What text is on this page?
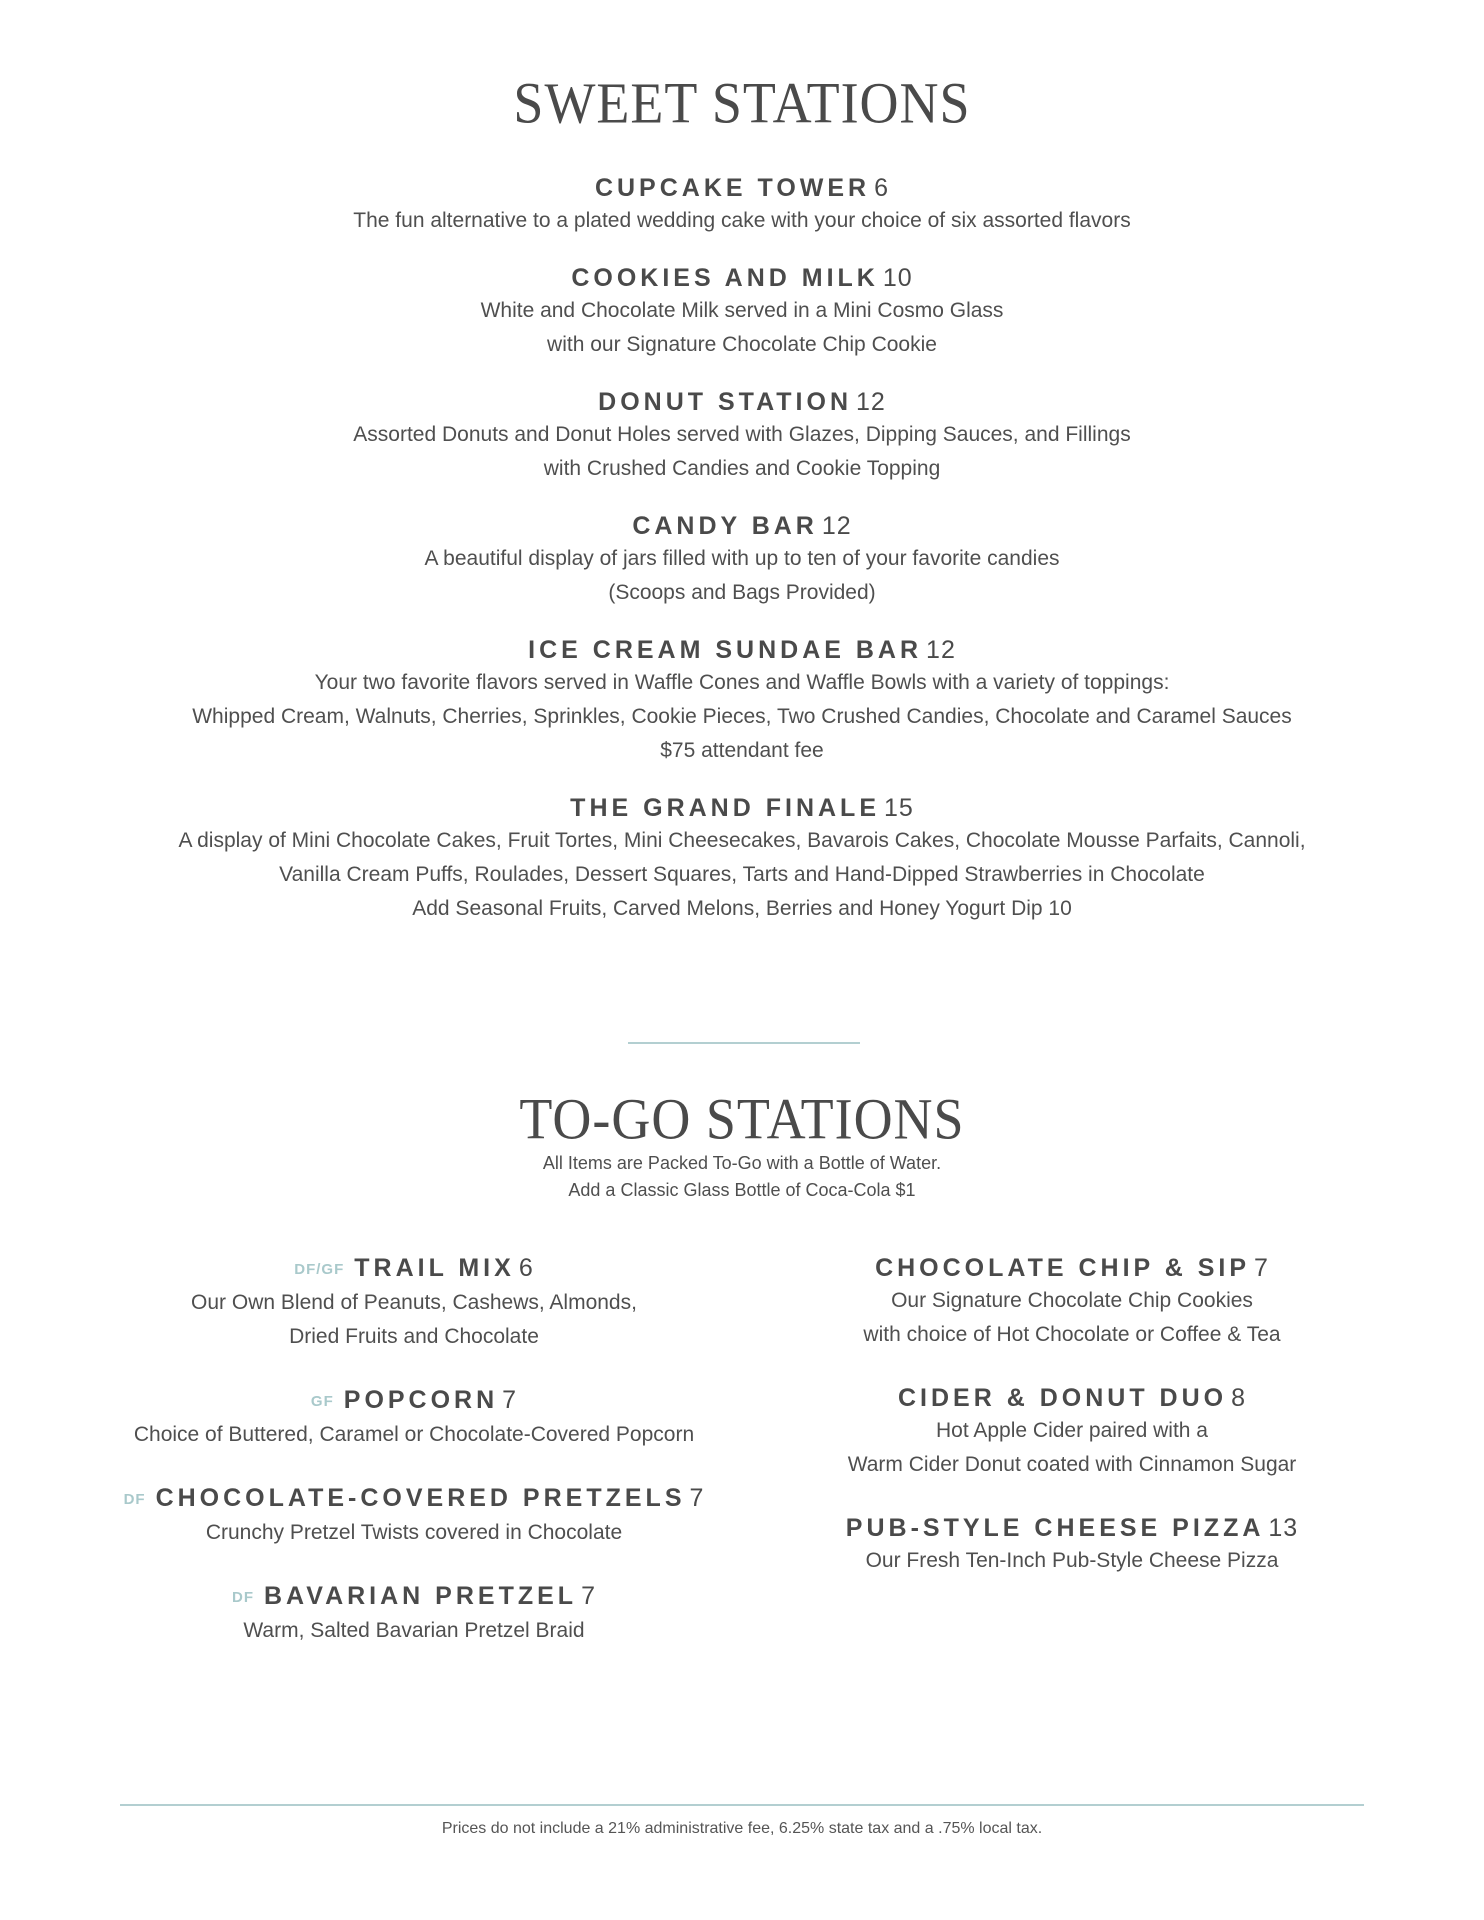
SWEET STATIONS
CUPCAKE TOWER 6
The fun alternative to a plated wedding cake with your choice of six assorted flavors
COOKIES AND MILK 10
White and Chocolate Milk served in a Mini Cosmo Glass
with our Signature Chocolate Chip Cookie
DONUT STATION 12
Assorted Donuts and Donut Holes served with Glazes, Dipping Sauces, and Fillings
with Crushed Candies and Cookie Topping
CANDY BAR 12
A beautiful display of jars filled with up to ten of your favorite candies
(Scoops and Bags Provided)
ICE CREAM SUNDAE BAR 12
Your two favorite flavors served in Waffle Cones and Waffle Bowls with a variety of toppings:
Whipped Cream, Walnuts, Cherries, Sprinkles, Cookie Pieces, Two Crushed Candies, Chocolate and Caramel Sauces
$75 attendant fee
THE GRAND FINALE 15
A display of Mini Chocolate Cakes, Fruit Tortes, Mini Cheesecakes, Bavarois Cakes, Chocolate Mousse Parfaits, Cannoli,
Vanilla Cream Puffs, Roulades, Dessert Squares, Tarts and Hand-Dipped Strawberries in Chocolate
Add Seasonal Fruits, Carved Melons, Berries and Honey Yogurt Dip 10
TO-GO STATIONS
All Items are Packed To-Go with a Bottle of Water.
Add a Classic Glass Bottle of Coca-Cola $1
DF/GF TRAIL MIX 6
Our Own Blend of Peanuts, Cashews, Almonds,
Dried Fruits and Chocolate
GF POPCORN 7
Choice of Buttered, Caramel or Chocolate-Covered Popcorn
DF CHOCOLATE-COVERED PRETZELS 7
Crunchy Pretzel Twists covered in Chocolate
DF BAVARIAN PRETZEL 7
Warm, Salted Bavarian Pretzel Braid
CHOCOLATE CHIP & SIP 7
Our Signature Chocolate Chip Cookies
with choice of Hot Chocolate or Coffee & Tea
CIDER & DONUT DUO 8
Hot Apple Cider paired with a
Warm Cider Donut coated with Cinnamon Sugar
PUB-STYLE CHEESE PIZZA 13
Our Fresh Ten-Inch Pub-Style Cheese Pizza
Prices do not include a 21% administrative fee, 6.25% state tax and a .75% local tax.
